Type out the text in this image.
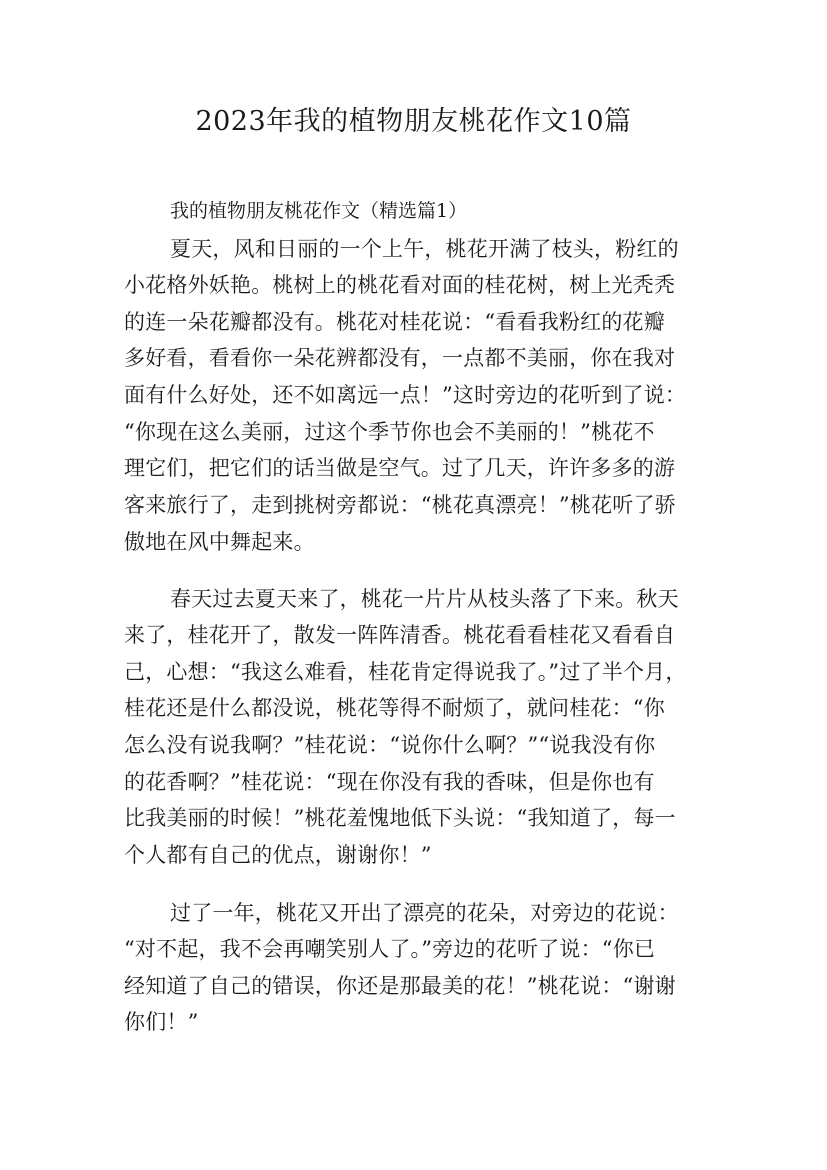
2023年我的植物朋友桃花作文10篇

我的植物朋友桃花作文（精选篇1）

夏天，风和日丽的一个上午，桃花开满了枝头，粉红的

小花格外妖艳。桃树上的桃花看对面的桂花树，树上光秃秃

的连一朵花瓣都没有。桃花对桂花说：“看看我粉红的花瓣

多好看，看看你一朵花辨都没有，一点都不美丽，你在我对

面有什么好处，还不如离远一点！”这时旁边的花听到了说：

“你现在这么美丽，过这个季节你也会不美丽的！”桃花不

理它们，把它们的话当做是空气。过了几天，许许多多的游

客来旅行了，走到挑树旁都说：“桃花真漂亮！”桃花听了骄

傲地在风中舞起来。

春天过去夏天来了，桃花一片片从枝头落了下来。秋天

来了，桂花开了，散发一阵阵清香。桃花看看桂花又看看自

己，心想：“我这么难看，桂花肯定得说我了。”过了半个月，

桂花还是什么都没说，桃花等得不耐烦了，就问桂花：“你

怎么没有说我啊？”桂花说：“说你什么啊？”“说我没有你

的花香啊？”桂花说：“现在你没有我的香味，但是你也有

比我美丽的时候！”桃花羞愧地低下头说：“我知道了，每一

个人都有自己的优点，谢谢你！”

过了一年，桃花又开出了漂亮的花朵，对旁边的花说：

“对不起，我不会再嘲笑别人了。”旁边的花听了说：“你已

经知道了自己的错误，你还是那最美的花！”桃花说：“谢谢

你们！”
